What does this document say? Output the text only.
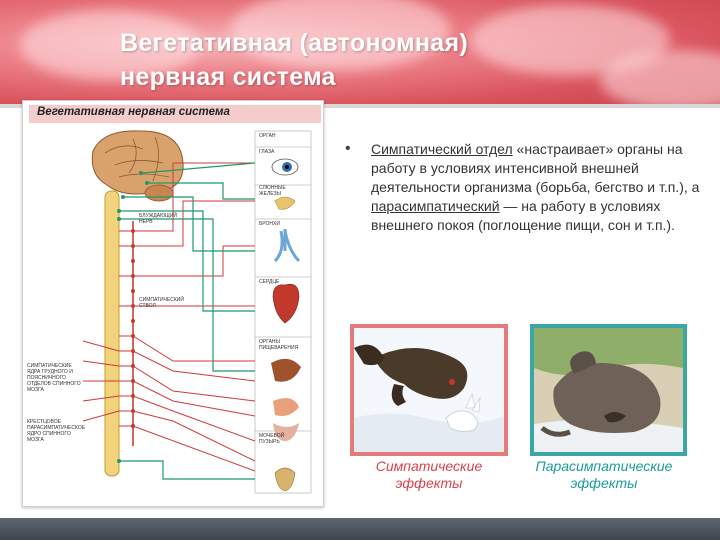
Вегетативная (автономная)
нервная система
Вегетативная нервная система
ОРГАН
ГЛАЗА
СЛЮННЫЕ ЖЕЛЕЗЫ
БРОНХИ
СЕРДЦЕ
ОРГАНЫ ПИЩЕВАРЕНИЯ
МОЧЕВОЙ ПУЗЫРЬ
БЛУЖДАЮЩИЙ НЕРВ
СИМПАТИЧЕСКИЙ СТВОЛ
СИМПАТИЧЕСКИЕ ЯДРА ГРУДНОГО И ПОЯСНИЧНОГО ОТДЕЛОВ СПИННОГО МОЗГА
КРЕСТЦОВОЕ ПАРАСИМПАТИЧЕСКОЕ ЯДРО СПИННОГО МОЗГА
• Симпатический отдел «настраивает» органы на работу в условиях интенсивной внешней деятельности организма (борьба, бегство и т.п.), а парасимпатический — на работу в условиях внешнего покоя (поглощение пищи, сон и т.п.).
Симпатические эффекты
Парасимпатические эффекты
